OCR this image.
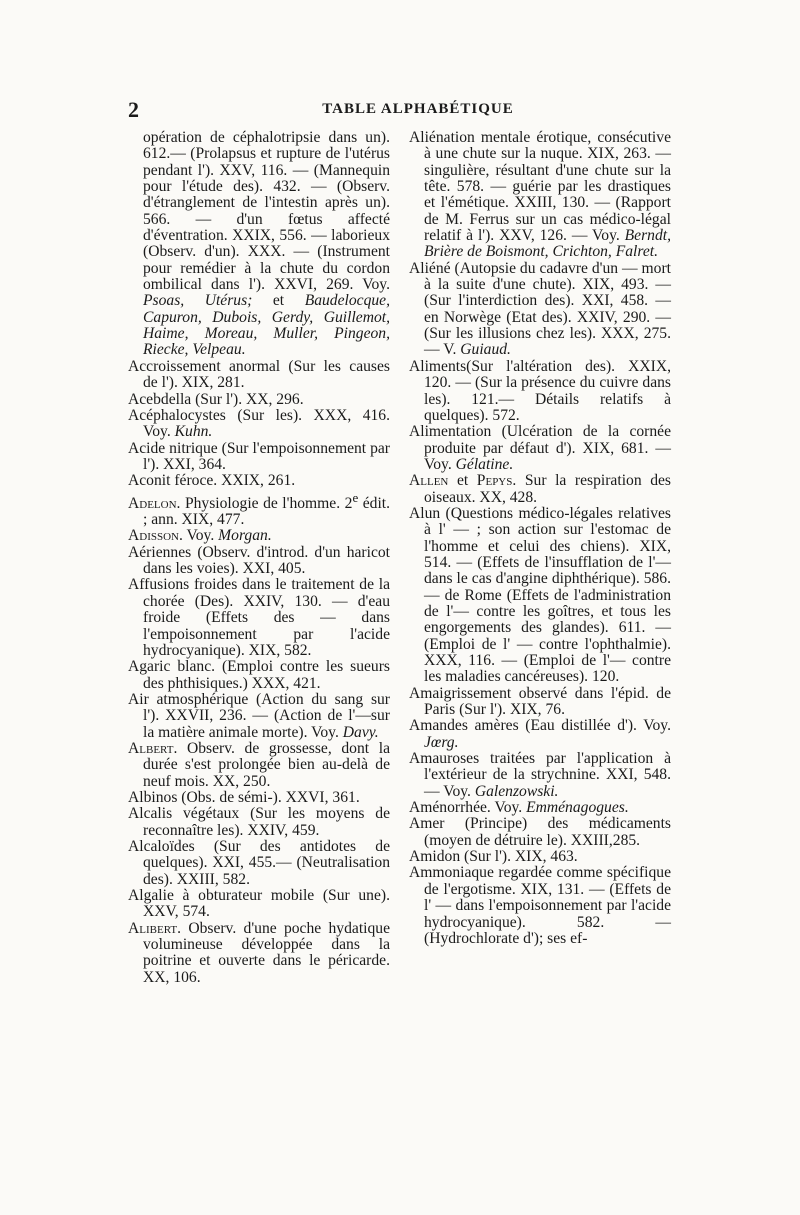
2	TABLE ALPHABÉTIQUE
opération de céphalotripsie dans un). 612.— (Prolapsus et rupture de l'utérus pendant l'). XXV, 116. — (Mannequin pour l'étude des). 432. — (Observ. d'étranglement de l'intestin après un). 566. — d'un fœtus affecté d'éventration. XXIX, 556. — laborieux (Observ. d'un). XXX. — (Instrument pour remédier à la chute du cordon ombilical dans l'). XXVI, 269. Voy. Psoas, Utérus; et Baudelocque, Capuron, Dubois, Gerdy, Guillemot, Haime, Moreau, Muller, Pingeon, Riecke, Velpeau.
Accroissement anormal (Sur les causes de l'). XIX, 281.
Acebdella (Sur l'). XX, 296.
Acéphalocystes (Sur les). XXX, 416. Voy. Kuhn.
Acide nitrique (Sur l'empoisonnement par l'). XXI, 364.
Aconit féroce. XXIX, 261.
Adelon. Physiologie de l'homme. 2e édit. ; ann. XIX, 477.
Adisson. Voy. Morgan.
Aériennes (Observ. d'introd. d'un haricot dans les voies). XXI, 405.
Affusions froides dans le traitement de la chorée (Des). XXIV, 130. — d'eau froide (Effets des — dans l'empoisonnement par l'acide hydrocyanique). XIX, 582.
Agaric blanc. (Emploi contre les sueurs des phthisiques.) XXX, 421.
Air atmosphérique (Action du sang sur l'). XXVII, 236. — (Action de l'—sur la matière animale morte). Voy. Davy.
Albert. Observ. de grossesse, dont la durée s'est prolongée bien au-delà de neuf mois. XX, 250.
Albinos (Obs. de sémi-). XXVI, 361.
Alcalis végétaux (Sur les moyens de reconnaître les). XXIV, 459.
Alcaloïdes (Sur des antidotes de quelques). XXI, 455.— (Neutralisation des). XXIII, 582.
Algalie à obturateur mobile (Sur une). XXV, 574.
Alibert. Observ. d'une poche hydatique volumineuse développée dans la poitrine et ouverte dans le péricarde. XX, 106.
Aliénation mentale érotique, consécutive à une chute sur la nuque. XIX, 263. — singulière, résultant d'une chute sur la tête. 578. — guérie par les drastiques et l'émétique. XXIII, 130. — (Rapport de M. Ferrus sur un cas médico-légal relatif à l'). XXV, 126. — Voy. Berndt, Brière de Boismont, Crichton, Falret.
Aliéné (Autopsie du cadavre d'un — mort à la suite d'une chute). XIX, 493. — (Sur l'interdiction des). XXI, 458. — en Norwège (Etat des). XXIV, 290. — (Sur les illusions chez les). XXX, 275. — V. Guiaud.
Aliments(Sur l'altération des). XXIX, 120. — (Sur la présence du cuivre dans les). 121.— Détails relatifs à quelques). 572.
Alimentation (Ulcération de la cornée produite par défaut d'). XIX, 681. — Voy. Gélatine.
Allen et Pepys. Sur la respiration des oiseaux. XX, 428.
Alun (Questions médico-légales relatives à l' — ; son action sur l'estomac de l'homme et celui des chiens). XIX, 514. — (Effets de l'insufflation de l'—dans le cas d'angine diphthérique). 586. — de Rome (Effets de l'administration de l'— contre les goîtres, et tous les engorgements des glandes). 611. — (Emploi de l' — contre l'ophthalmie). XXX, 116. — (Emploi de l'— contre les maladies cancéreuses). 120.
Amaigrissement observé dans l'épid. de Paris (Sur l'). XIX, 76.
Amandes amères (Eau distillée d'). Voy. Jœrg.
Amauroses traitées par l'application à l'extérieur de la strychnine. XXI, 548. — Voy. Galenzowski.
Aménorrhée. Voy. Emménagogues.
Amer (Principe) des médicaments (moyen de détruire le). XXIII,285.
Amidon (Sur l'). XIX, 463.
Ammoniaque regardée comme spécifique de l'ergotisme. XIX, 131. — (Effets de l' — dans l'empoisonnement par l'acide hydrocyanique). 582. — (Hydrochlorate d'); ses ef-
